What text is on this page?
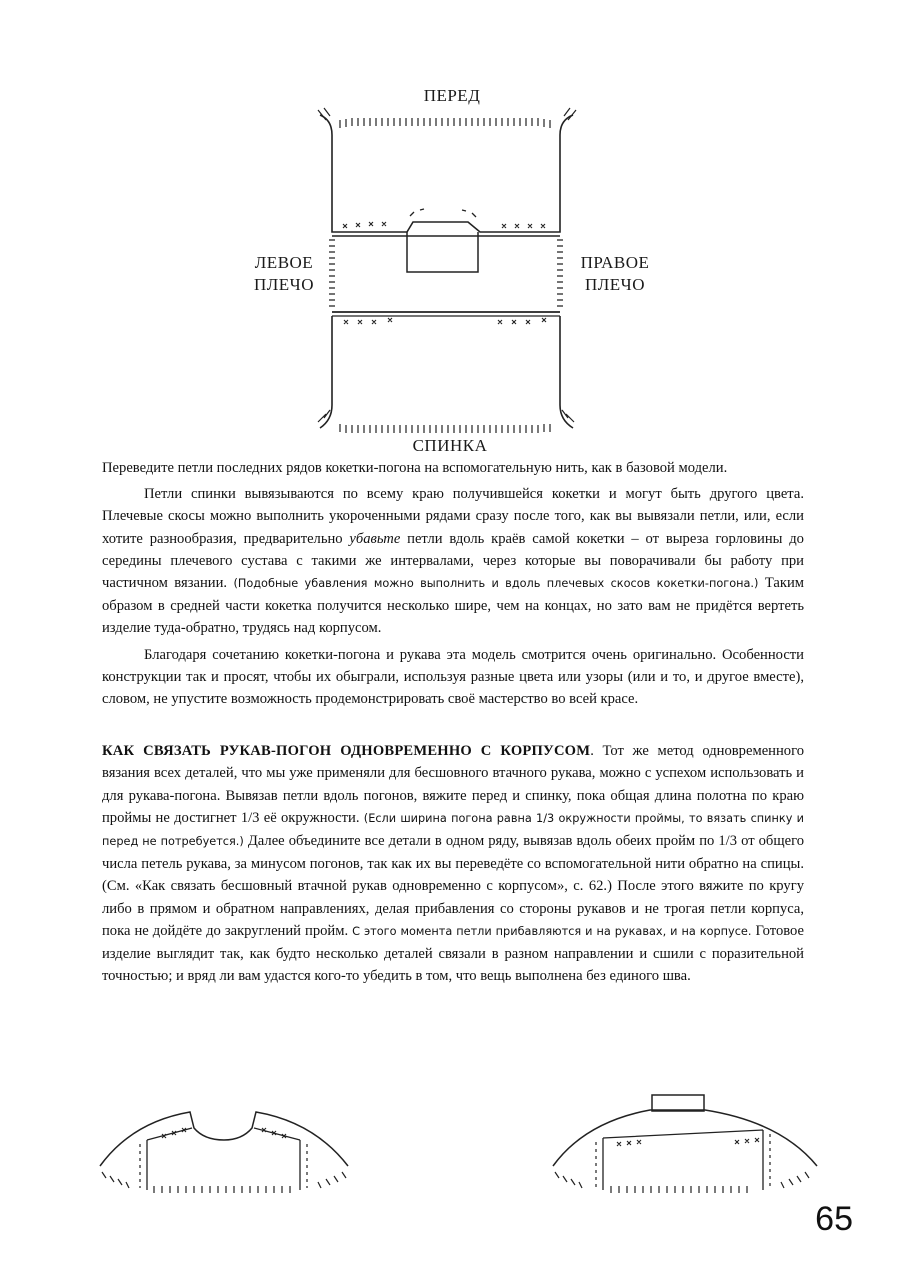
ПЕРЕД
ЛЕВОЕ
ПЛЕЧО
ПРАВОЕ
ПЛЕЧО
СПИНКА

Переведите петли последних рядов кокетки-погона на вспомогательную нить, как в базовой модели.

Петли спинки вывязываются по всему краю получившейся кокетки и могут быть другого цвета. Плечевые скосы можно выполнить укороченными рядами сразу после того, как вы вывязали петли, или, если хотите разнообразия, предварительно убавьте петли вдоль краёв самой кокетки – от выреза горловины до середины плечевого сустава с такими же интервалами, через которые вы поворачивали бы работу при частичном вязании. (Подобные убавления можно выполнить и вдоль плечевых скосов кокетки-погона.) Таким образом в средней части кокетка получится несколько шире, чем на концах, но зато вам не придётся вертеть изделие туда-обратно, трудясь над корпусом.

Благодаря сочетанию кокетки-погона и рукава эта модель смотрится очень оригинально. Особенности конструкции так и просят, чтобы их обыграли, используя разные цвета или узоры (или и то, и другое вместе), словом, не упустите возможность продемонстрировать своё мастерство во всей красе.

КАК СВЯЗАТЬ РУКАВ-ПОГОН ОДНОВРЕМЕННО С КОРПУСОМ. Тот же метод одновременного вязания всех деталей, что мы уже применяли для бесшовного втачного рукава, можно с успехом использовать и для рукава-погона. Вывязав петли вдоль погонов, вяжите перед и спинку, пока общая длина полотна по краю проймы не достигнет 1/3 её окружности. (Если ширина погона равна 1/3 окружности проймы, то вязать спинку и перед не потребуется.) Далее объедините все детали в одном ряду, вывязав вдоль обеих пройм по 1/3 от общего числа петель рукава, за минусом погонов, так как их вы переведёте со вспомогательной нити обратно на спицы. (См. «Как связать бесшовный втачной рукав одновременно с корпусом», с. 62.) После этого вяжите по кругу либо в прямом и обратном направлениях, делая прибавления со стороны рукавов и не трогая петли корпуса, пока не дойдёте до закруглений пройм. С этого момента петли прибавляются и на рукавах, и на корпусе. Готовое изделие выглядит так, как будто несколько деталей связали в разном направлении и сшили с поразительной точностью; и вряд ли вам удастся кого-то убедить в том, что вещь выполнена без единого шва.

65
